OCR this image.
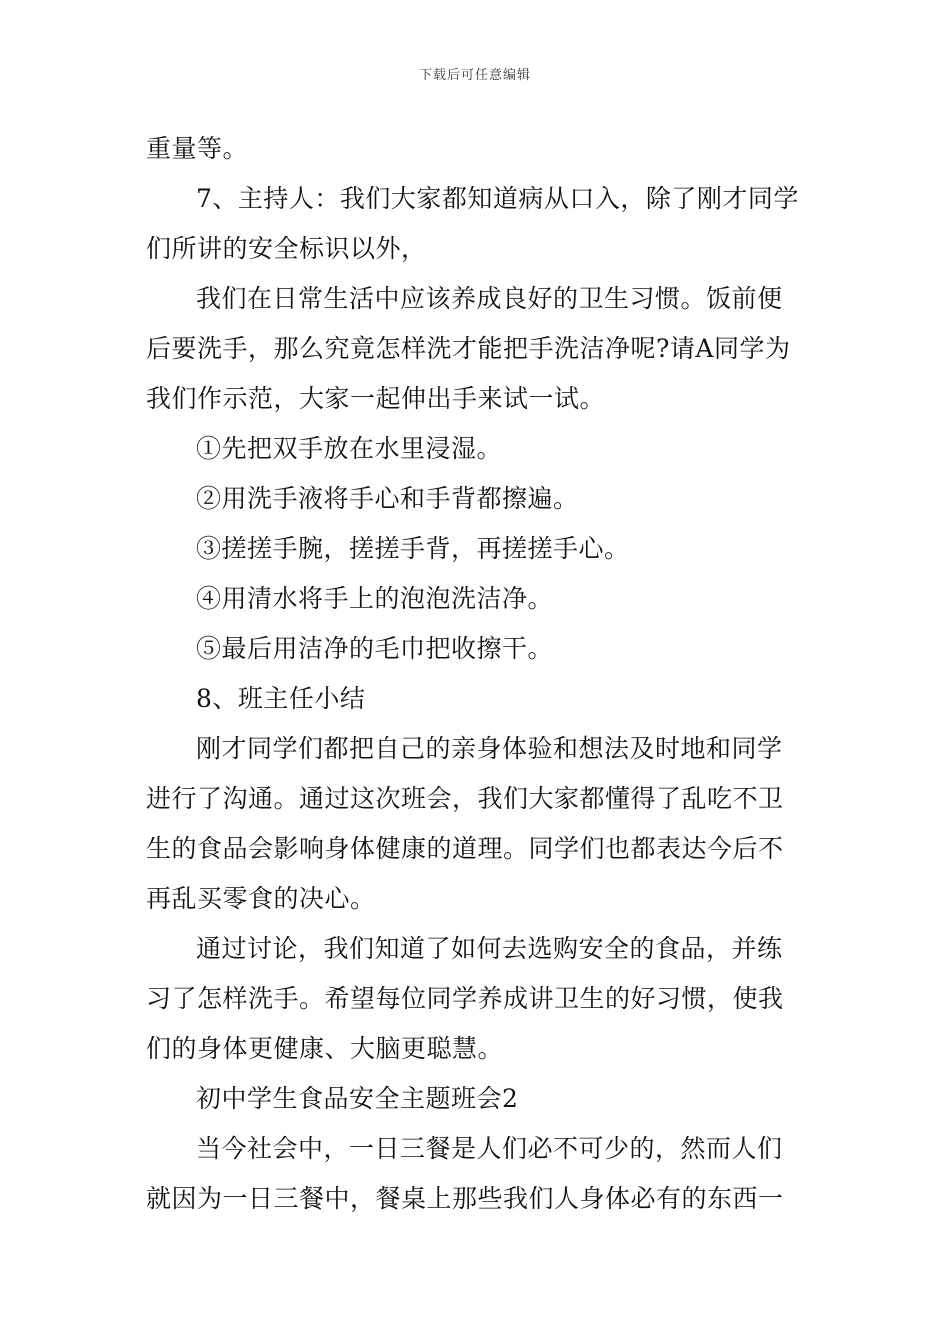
下载后可任意编辑
重量等。
7、主持人：我们大家都知道病从口入，除了刚才同学
们所讲的安全标识以外，
我们在日常生活中应该养成良好的卫生习惯。饭前便
后要洗手，那么究竟怎样洗才能把手洗洁净呢?请A同学为
我们作示范，大家一起伸出手来试一试。
①先把双手放在水里浸湿。
②用洗手液将手心和手背都擦遍。
③搓搓手腕，搓搓手背，再搓搓手心。
④用清水将手上的泡泡洗洁净。
⑤最后用洁净的毛巾把收擦干。
8、班主任小结
刚才同学们都把自己的亲身体验和想法及时地和同学
进行了沟通。通过这次班会，我们大家都懂得了乱吃不卫
生的食品会影响身体健康的道理。同学们也都表达今后不
再乱买零食的决心。
通过讨论，我们知道了如何去选购安全的食品，并练
习了怎样洗手。希望每位同学养成讲卫生的好习惯，使我
们的身体更健康、大脑更聪慧。
初中学生食品安全主题班会2
当今社会中，一日三餐是人们必不可少的，然而人们
就因为一日三餐中，餐桌上那些我们人身体必有的东西一
